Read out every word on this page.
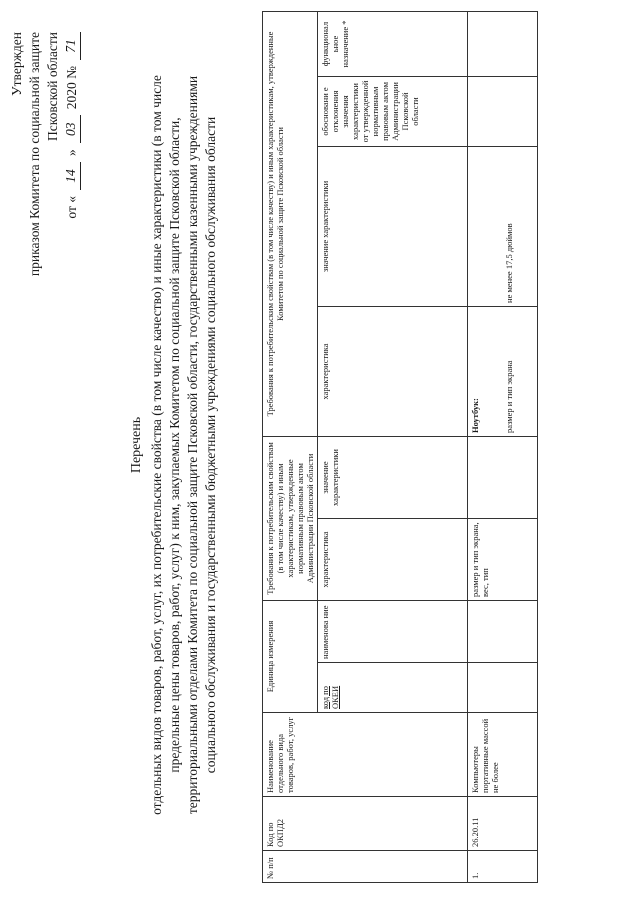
Утвержден приказом Комитета по социальной защите Псковской области
от «
14
»
03
2020 №
71
Перечень отдельных видов товаров, работ, услуг, их потребительские свойства (в том числе качество) и иные характеристики (в том числе предельные цены товаров, работ, услуг) к ним, закупаемых Комитетом по социальной защите Псковской области, территориальными отделами Комитета по социальной защите Псковской области, государственными казенными учреждениями социального обслуживания и государственными бюджетными учреждениями социального обслуживания области
№ п/п	Код по ОКПД2	Наименование отдельного вида товаров, работ, услуг	Единица измерения		Требования к потребительским свойствам (в том числе качеству) и иным характеристикам, утвержденные нормативным правовым актом Администрации Псковской области		Требования к потребительским свойствам (в том числе качеству) и иным характеристикам, утвержденные Комитетом по социальной защите Псковской области			
			код по ОКЕИ	наименова ние	характеристика	значение характеристики	характеристика	значение характеристики	обосновани е отклонения значения характеристики от утвержденной нормативным правовым актом Администрации Псковской области	функционал ьное назначение *
1.	26.20.11	Компьютеры портативные массой не более			размер и тип экрана, вес, тип		Ноутбук: размер и тип экрана	не менее 17,5 дюймов		
